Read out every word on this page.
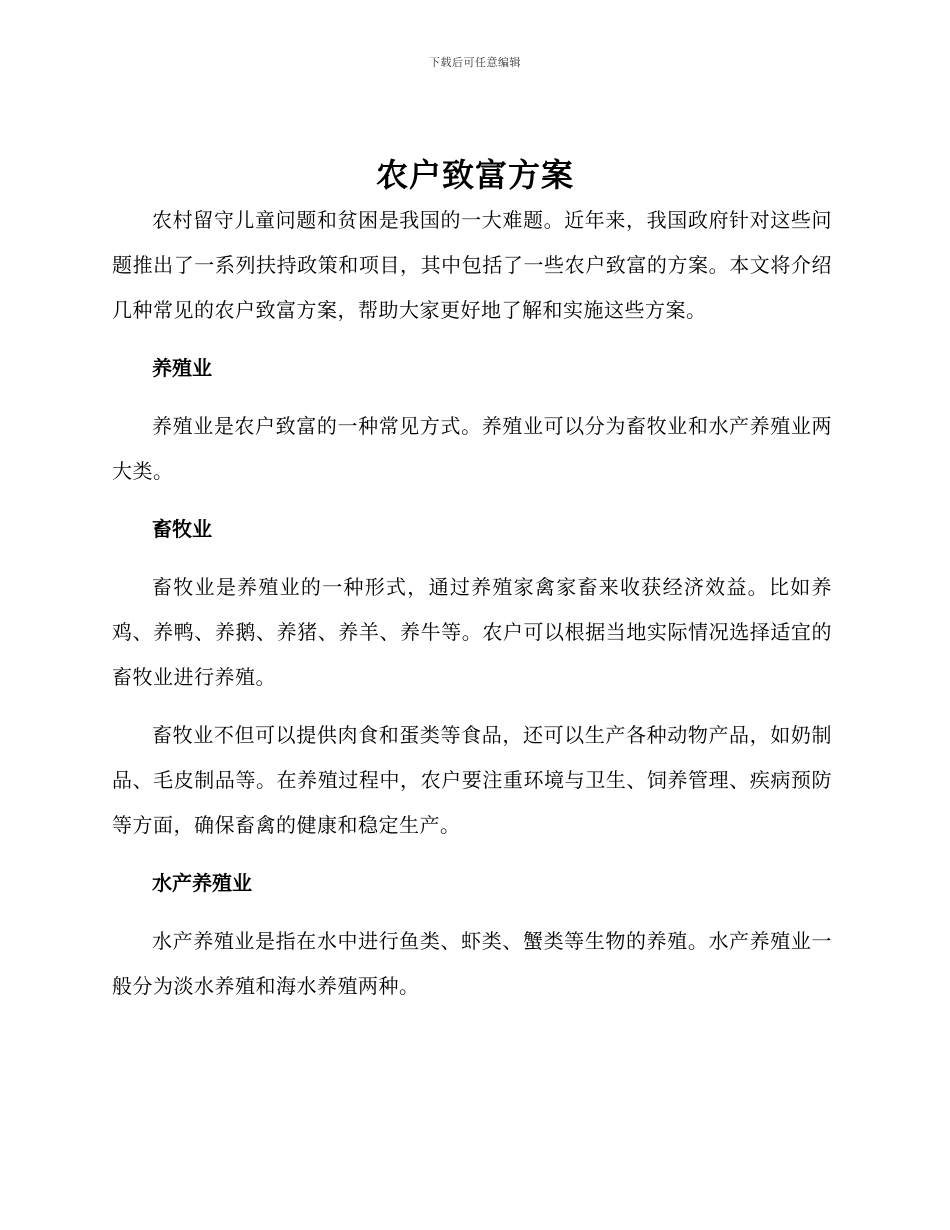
下载后可任意编辑
农户致富方案

农村留守儿童问题和贫困是我国的一大难题。近年来，我国政府针对这些问题推出了一系列扶持政策和项目，其中包括了一些农户致富的方案。本文将介绍几种常见的农户致富方案，帮助大家更好地了解和实施这些方案。

养殖业

养殖业是农户致富的一种常见方式。养殖业可以分为畜牧业和水产养殖业两大类。

畜牧业

畜牧业是养殖业的一种形式，通过养殖家禽家畜来收获经济效益。比如养鸡、养鸭、养鹅、养猪、养羊、养牛等。农户可以根据当地实际情况选择适宜的畜牧业进行养殖。

畜牧业不但可以提供肉食和蛋类等食品，还可以生产各种动物产品，如奶制品、毛皮制品等。在养殖过程中，农户要注重环境与卫生、饲养管理、疾病预防等方面，确保畜禽的健康和稳定生产。

水产养殖业

水产养殖业是指在水中进行鱼类、虾类、蟹类等生物的养殖。水产养殖业一般分为淡水养殖和海水养殖两种。
